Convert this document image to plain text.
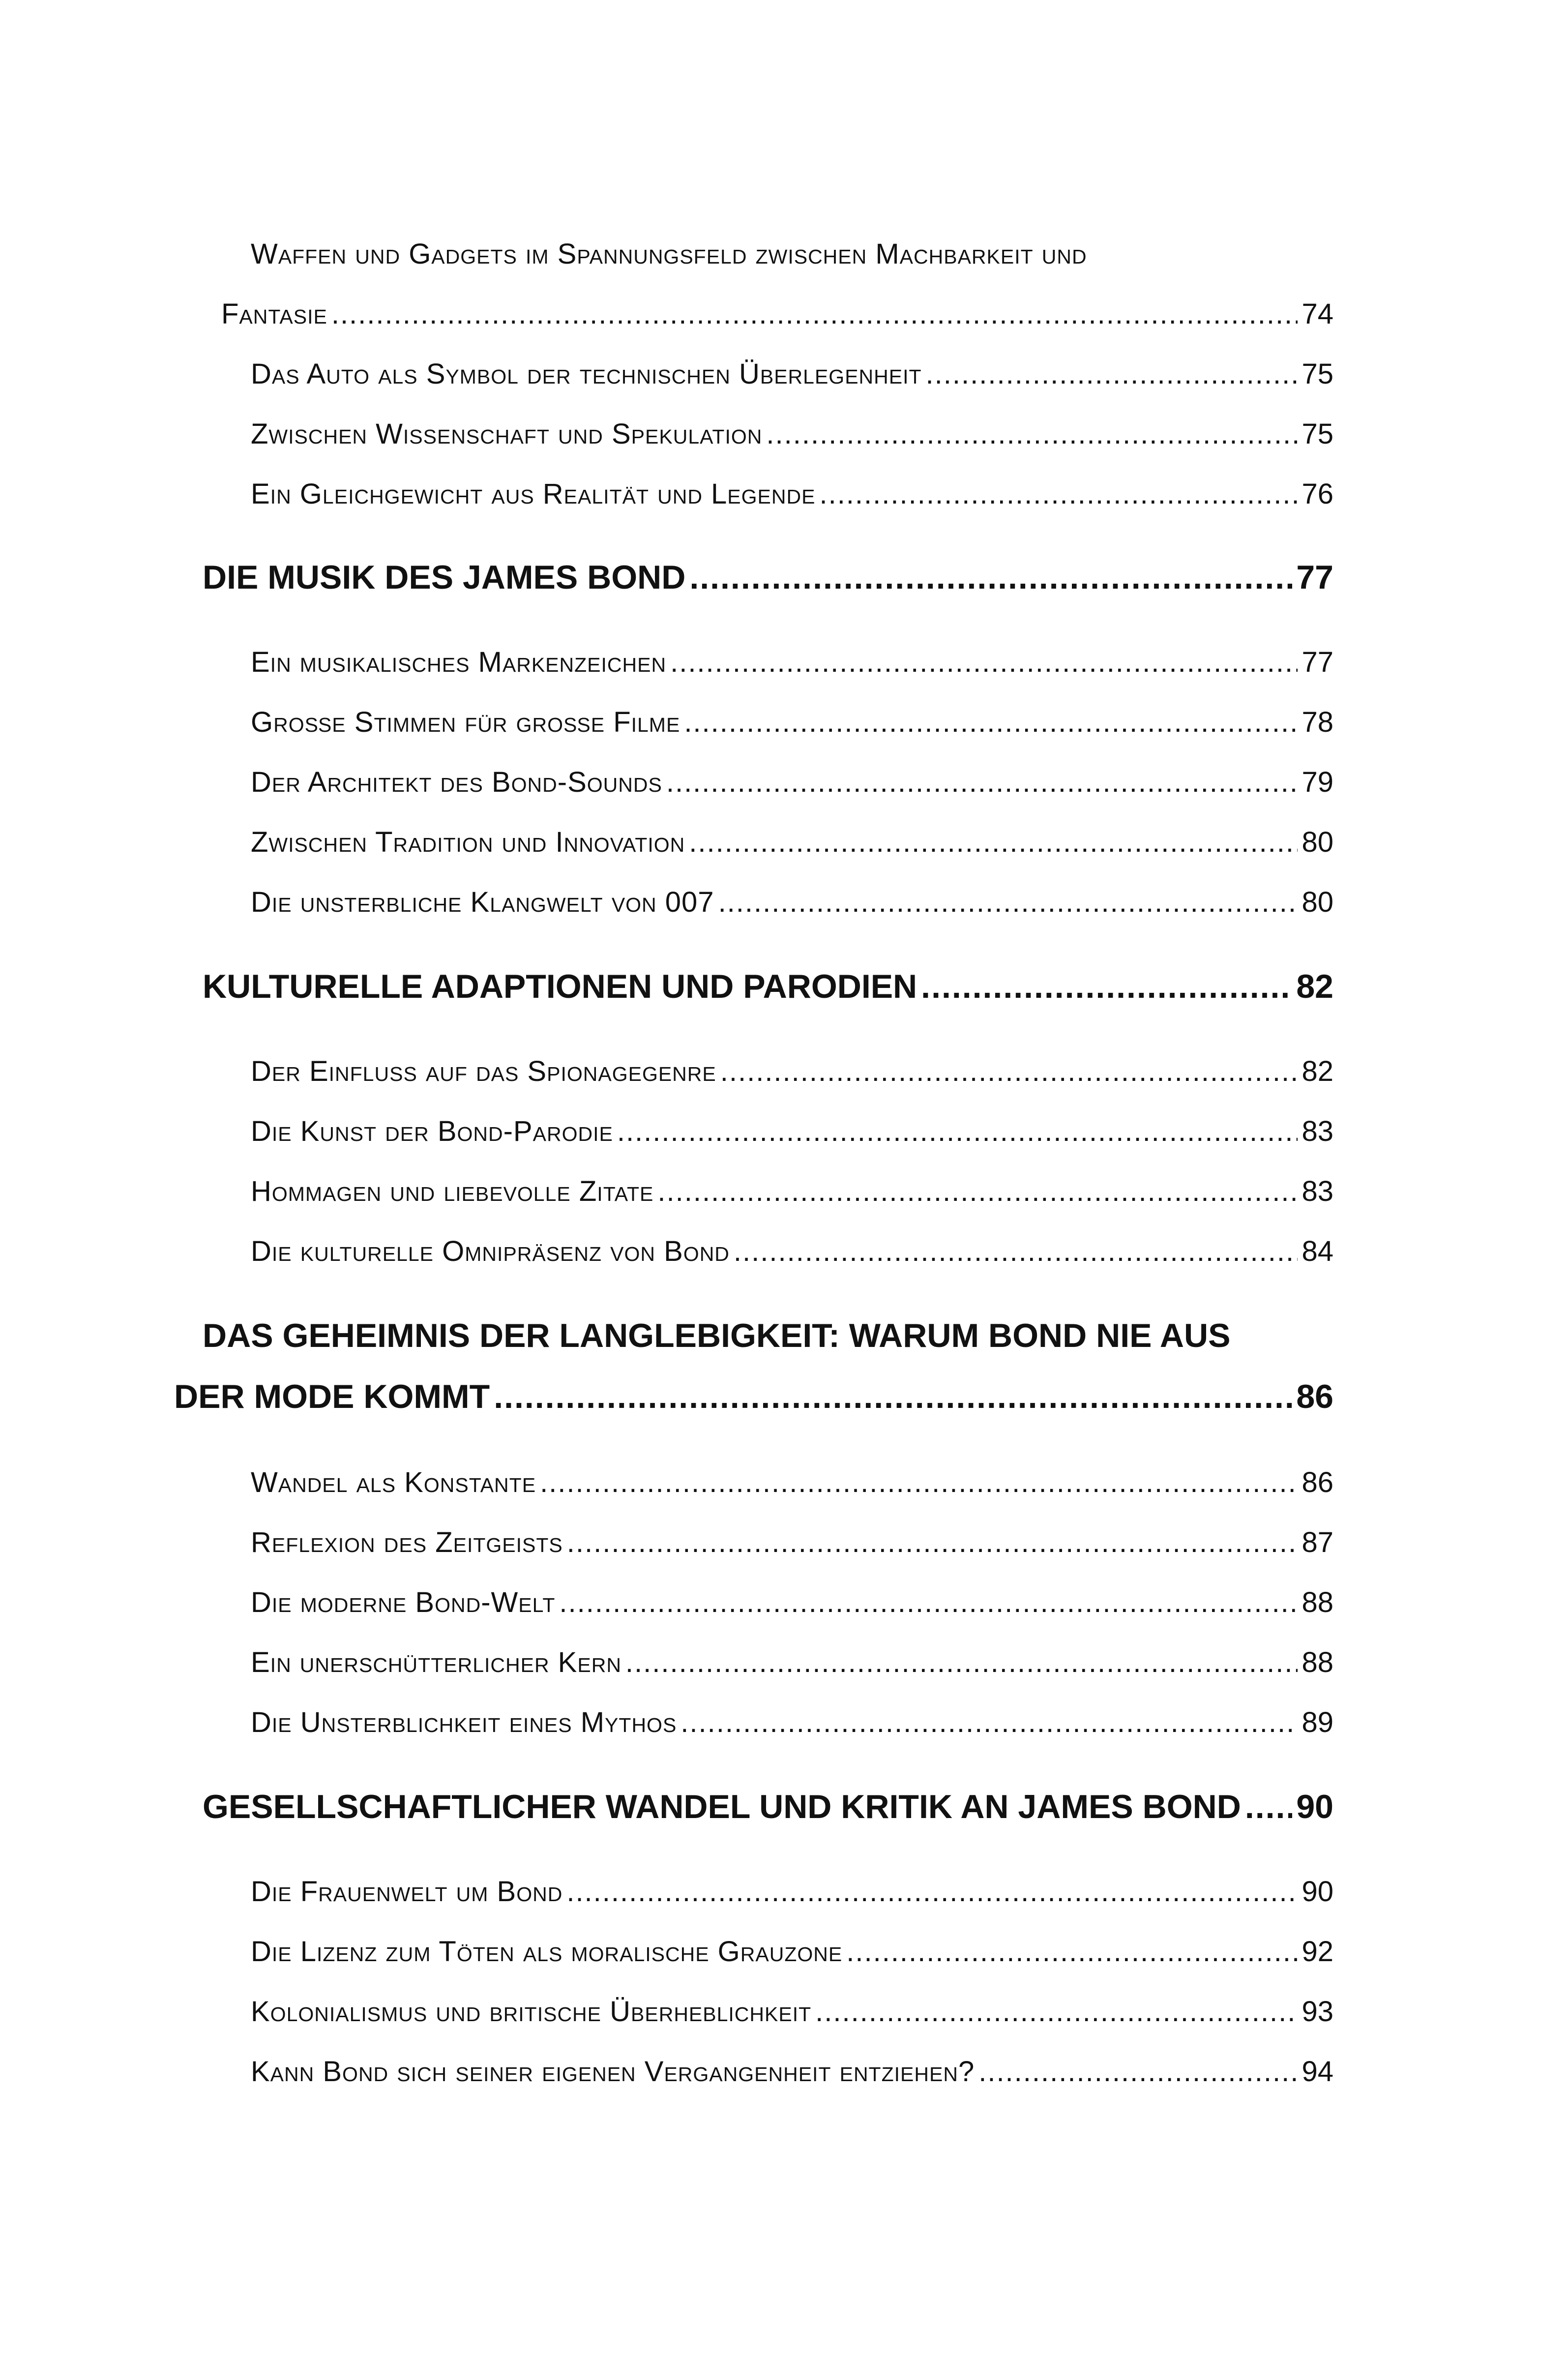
Waffen und Gadgets im Spannungsfeld zwischen Machbarkeit und
Fantasie .....	74
Das Auto als Symbol der technischen Überlegenheit .....	75
Zwischen Wissenschaft und Spekulation .....	75
Ein Gleichgewicht aus Realität und Legende .....	76
DIE MUSIK DES JAMES BOND .....	77
Ein musikalisches Markenzeichen .....	77
Große Stimmen für große Filme .....	78
Der Architekt des Bond-Sounds .....	79
Zwischen Tradition und Innovation .....	80
Die unsterbliche Klangwelt von 007 .....	80
KULTURELLE ADAPTIONEN UND PARODIEN .....	82
Der Einfluss auf das Spionagegenre .....	82
Die Kunst der Bond-Parodie .....	83
Hommagen und liebevolle Zitate .....	83
Die kulturelle Omnipräsenz von Bond .....	84
DAS GEHEIMNIS DER LANGLEBIGKEIT: WARUM BOND NIE AUS
DER MODE KOMMT .....	86
Wandel als Konstante .....	86
Reflexion des Zeitgeists .....	87
Die moderne Bond-Welt .....	88
Ein unerschütterlicher Kern .....	88
Die Unsterblichkeit eines Mythos .....	89
GESELLSCHAFTLICHER WANDEL UND KRITIK AN JAMES BOND ..... 90
Die Frauenwelt um Bond .....	90
Die Lizenz zum Töten als moralische Grauzone .....	92
Kolonialismus und britische Überheblichkeit .....	93
Kann Bond sich seiner eigenen Vergangenheit entziehen? .....	94
